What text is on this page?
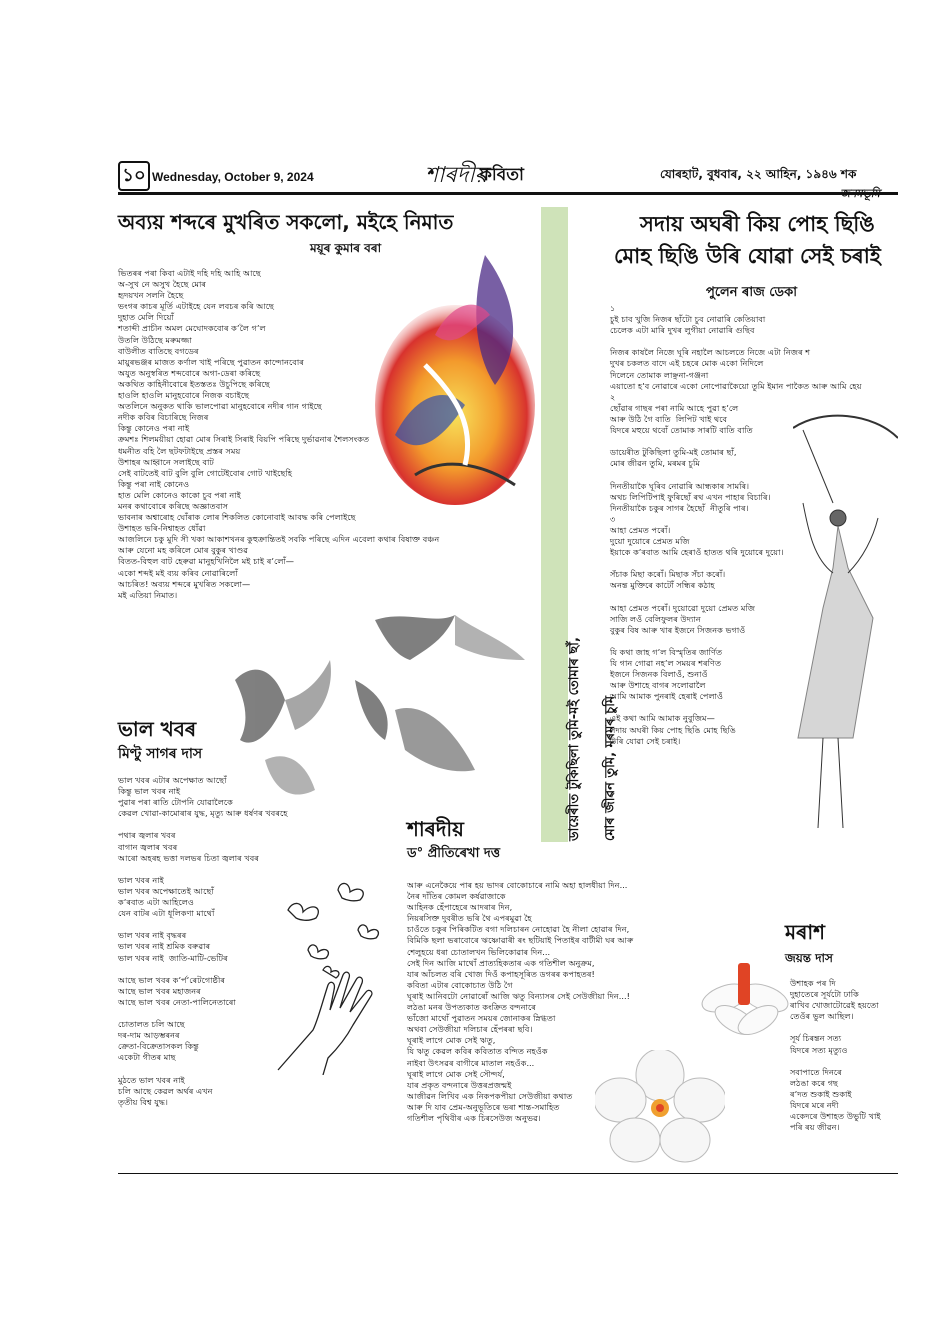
১০ Wednesday, October 9, 2024	শাৰদীয়
কবিতা	যোৰহাট, বুধবাৰ, ২২ আহিন, ১৯৪৬ শক
অব্যয় শব্দৰে মুখৰিত সকলো, মইহে নিমাত
ময়ূৰ কুমাৰ বৰা
ভিতৰৰ পৰা কিবা এটাই দহি দহি আহি আছে
অ-সুখ নে অসুখ হৈছে মোৰ
হৃদয়খন সলনি হৈছে
ভংগৰ কাচৰ মূৰ্তি এটাইহে যেন লবচৰ কৰি আছে
দুহাত মেলি দিয়োঁ
শতাব্দী প্ৰাচীন অমল মেঘোদকবোৰ কʼলৈ গʼল
উতলি উঠিছে মৰুমজ্জা
বাউলীত বাতিছে বগডেৰ
মায়ুৰভঞ্জৰ মাজত কৰ্ণাল খাই পৰিছে পুৱাতন কান্দোনবোৰ
অযুত অনুস্বৰিত শব্দবোৰে অগা-ডেৰা কৰিছে
অকথিত কাহিনীবোৰে ইতস্ততঃ উচুপিছে কৰিছে
হাওলি হাওলি মানুহবোৰে নিজক বচাইছে
অতলিনে অনুকত থাকি ভালপোৱা মানুহবোৰে নদীৰ গান গাইছে
নদীক কবিৰ বিচাৰিছে নিজৰ
কিন্তু কোনেও পৰা নাই
ক্ৰমশঃ শিলময়ীয়া হোৱা মোৰ সিৰাই সিৰাই বিয়পি পৰিছে দুৰ্ভাৱনাৰ শৈলসংকত
ধমনীত বহি লৈ ছটফটাইছে প্ৰস্তৰ সময়
উশাহৰ আহ্বানে সলাইছে বাট
সেই বাটতেই বাট বুলি বুলি গোটেইবোৰ গোট খাইছেহি
কিন্তু পৰা নাই কোনেও
হাত মেলি কোনেও কাকো চুব পৰা নাই
মনৰ কথাবোৰে কৰিছে অজ্ঞাতবাস
ভাবনাৰ অশ্বাৰোহ ঘোঁৰাক লোৰ শিকলিত কোনোবাই আবদ্ধ কৰি পেলাইছে
উশাহত ভৰি-নিশ্বাহত ধোঁৱা
আজলিনে চকু মুদি সী খকা আকাশখনৰ কুহুক্ৰান্তিতই সবকি পৰিছে এদিন এবেলা কথাৰ বিষাক্ত বঞ্চন
আৰু যেনো মহ কৰিলে মোৰ বুকুৰ খাণ্ডৱ
বিতত-বিহুল বাট হেৰুৱা মানুহখিনিলৈ মই চাই ৰʼলোঁ—
একো শব্দই মই ব্যয় কৰিব নোৱাৰিলোঁ
আচৰিত! অব্যয় শব্দৰে মুখৰিত সকলো—
মই এতিয়া নিমাত।
ভাল খবৰ
মিণ্টু সাগৰ দাস
ভাল খবৰ এটাৰ অপেক্ষাত আছোঁ
কিন্তু ভাল খবৰ নাই
পুৱাৰ পৰা ৰাতি টোপনি যোৱালৈকে
কেৱল খোৱা-কামোৰাৰ যুদ্ধ, মৃত্যু আৰু ধৰ্ষণৰ খবৰহে

পথাৰ জ্বলাৰ খবৰ
বাগান জ্বলাৰ খবৰ
আৰো অহৰহ ভত্তা দলভৰ চিতা জ্বলাৰ খবৰ

ভাল খবৰ নাই
ভাল খবৰ অপেক্ষাতেই আছোঁ
কʼৰবাত এটা আহিলেও
যেন বাটৰ এটা ধূলিকণা মাথোঁ

ভাল খবৰ নাই বৃদ্ধৰৰ
ভাল খবৰ নাই শ্ৰমিক বৰুৱাৰ
ভাল খবৰ নাই  জাতি-মাটি-ভেটিৰ

আছে ভাল খবৰ কʼৰ্পʼৰেটগোষ্ঠীৰ
আছে ভাল খবৰ মহাজনৰ
আছে ভাল খবৰ নেতা-পালিনেতাৰো

চোতালত চলি আছে
দৰ-দাম আড়ম্ভৰনৰ
ক্ৰেতা-বিক্ৰেতাসকল কিন্তু
একেটা গীতৰ মাছ

মুঠতে ভাল খবৰ নাই
চলি আছে কেৱল অৰ্থৰ এখন
তৃতীয় বিশ্ব যুদ্ধ।
শাৰদীয়
ড° প্ৰীতিৰেখা দত্ত
আৰু এনেকৈয়ে পাৰ হয় ভাদৰ বোকোচাৰে নামি অহা হালধীয়া দিন...
নৈৰ দাঁতিৰ কোমল কৰ্ষৱাজাকে
আহিনক হেঁপাহেৰে আদৰাৰ দিন,
নিয়ৰসিক্ত দুবৰীত ভৰি থৈ এপৰমুৱা হৈ
চাওঁতে চকুৰ পিৰিকটিত বগা দলিচাৰন নোহোৱা হৈ নীলা হোৱাৰ দিন,
বিমিকি ছলা ভৰাবোৰে ঋষ্ণোৱাৰী ৰং ছটিয়াই পিতাইৰ বাটীমী ঘৰ আৰু
শেলুহয়ে ধৰা চোতালখন ভিলিকোৱাৰ দিন...
সেই দিন আজি মাথোঁ প্ৰাত্যহিকতাৰ এক গতিশীল অনুক্ৰম,
যাৰ আঁচলত বৰি খোজ দিওঁ কপাহসূৰিত ডগৰৰ কপাহতৰ!
কবিতা এটাৰ বোকোচাত উঠি গৈ
ঘূৰাই আনিবটো নোৱাৰোঁ আজি ঋতু বিন্যাসৰ সেই সেউজীয়া দিন...!
লঠঙা মনৰ উপত্যকাত কংক্ৰিত বন্দনাৰে
ভাঁজো মাথোঁ পুৱাতন সময়ৰ জোনাকৰ স্নিগ্ধতা
অথবা সেউজীয়া দলিচাৰ হেঁপৰৰা ছবি।
ঘূৰাই লাগে মোক সেই ঋতু,
যি ঋতু কেৱল কবিৰ কবিতাত বন্দিত নহওঁক
নাইবা উৎসৱৰ বাগীৰে মাতাল নহওঁক...
ঘূৰাই লাগে মোক সেই সৌন্দৰ্য,
যাৰ প্ৰকৃত বন্দনাৰে উত্তৰপ্ৰজন্মই
আজীৱন লিখিব এক নিকপকপীয়া সেউজীয়া কথাত
আৰু দি যাব প্ৰেম-অনুভূতিৰে ভৰা শান্ত-সমাহিত
গতিশীল পৃথিবীৰ এক চিৰসেউজ অনুভৱ।

ডায়েৰীত টুকিছিলা তুমি-মই তোমাৰ ছাঁ, মোৰ জীৱন তুমি, মৰমৰ চুমি

সদায় অঘৰী কিয় পোহ ছিঙি
মোহ ছিঙি উৰি যোৱা সেই চৰাই
পুলেন ৰাজ ডেকা
১
চুই চাব খুজি নিজৰ ছাঁটো চুব নোৱাৰি কেতিয়াবা
চেলেক এটা মাৰি দুখৰ লুগীয়া নোৱাৰি গুছিব

নিজৰ কাষলৈ নিজে ঘূৰি নহালৈ আচলতে নিজে এটা নিজৰ শ
দুখৰ চকলত বাদে এই চহৰে মোক একো নিদিলে
দিলেনে তোমাক লাঞ্ছনা-গঞ্জনা
এয়াতো হʼব নোৱাৰে একো নোপোৱাকৈয়ো তুমি ইমান পাকৈত আৰু আমি হেয়
২
ছোঁৱাৰ গাছৰ পৰা নামি আহে পুৱা হʼলে
আৰু উঠি গৈ বাতি  লিপিট খাই থবে
যিদৰে মহুয়ে থবোঁ তোমাক সাৰটি বাতি বাতি

ডায়েৰীত টুকিছিলা তুমি-মই তোমাৰ ছাঁ,
মোৰ জীৱন তুমি, মৰমৰ চুমি

দিনতীয়াকৈ ঘূৰিব নোৱাৰি আন্ধকাৰ সামৰি।
অথচ লিপিটিপাই ফুৰিছোঁ ৰথ এখন পাহাৰ বিচাৰি।
দিনতীয়াকৈ চকুৰ সাগৰ হৈছোঁ  নীতুৰি পাৰ।
৩
আহা প্ৰেমত পৰোঁ।
দুয়ো দুয়োৰে প্ৰেমত মজি
ইয়াকে কʼৰবাত আমি হেৰাওঁ হাতত থৰি দুয়োৰে দুয়ো।

সঁচাক মিছা কৰোঁ। মিছাক সঁচা কৰোঁ।
অনন্ত মুক্তিৰে কাটোঁ সন্ধিৰ কঠাহ

আহা প্ৰেমত পৰোঁ। দুয়োৱো দুয়ো প্ৰেমত মজি
সাজি লওঁ বেলিফুলৰ উদ্যান
বুকুৰ বিষ আৰু খাৰ ইজনে সিজনক ভগাওঁ

যি কথা জাহ গʼল বিস্মৃতিৰ জাৰ্ণিত
যি গান গোৱা নহʼল সময়ৰ শৰণিত
ইজনে সিজনক বিলাওঁ, শুনাওঁ
আৰু উশাহে বাগৰ সলোৱালৈ
আমি আমাক পুনৰাই হেৰাই পেলাওঁ

এই কথা আমি আমাক নুবুজিম—
সদায় অঘৰী কিয় পোহ ছিঙি মোহ ছিঙি
উৰি যোৱা সেই চৰাই।
মৰাশ
জয়ন্ত দাস
উশাহক পৰ দি
দুহাতেৰে সূৰ্যটো ঢাকি
ৰাখিব খোজাটোৱেই হয়তো
তেওঁৰ ভুল আছিল।

সূৰ্য চিৰন্তন সত্য
যিদৰে সত্য মৃত্যুও

সবাপাতে দিনৰে
লঠঙা কৰে গছ
ৰʼদত শুকাই শুকাই
যিদৰে মৰে নদী
একেদৰে উশাহত উভুটি খাই
পৰি ৰয় জীৱন।
